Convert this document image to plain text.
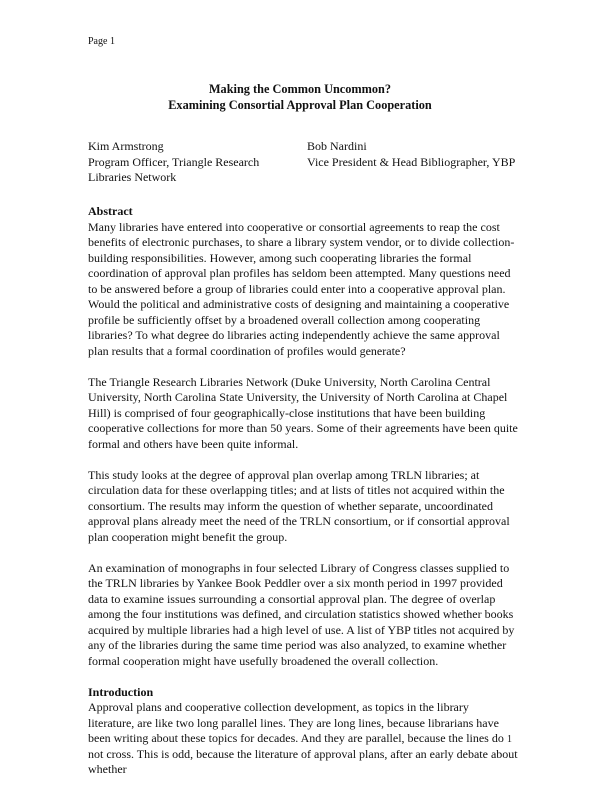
Page 1
Making the Common Uncommon?
Examining Consortial Approval Plan Cooperation
Kim Armstrong
Program Officer, Triangle Research
Libraries Network
Bob Nardini
Vice President & Head Bibliographer, YBP
Abstract

Many libraries have entered into cooperative or consortial agreements to reap the cost benefits of electronic purchases, to share a library system vendor, or to divide collection-building responsibilities. However, among such cooperating libraries the formal coordination of approval plan profiles has seldom been attempted. Many questions need to be answered before a group of libraries could enter into a cooperative approval plan. Would the political and administrative costs of designing and maintaining a cooperative profile be sufficiently offset by a broadened overall collection among cooperating libraries? To what degree do libraries acting independently achieve the same approval plan results that a formal coordination of profiles would generate?

The Triangle Research Libraries Network (Duke University, North Carolina Central University, North Carolina State University, the University of North Carolina at Chapel Hill) is comprised of four geographically-close institutions that have been building cooperative collections for more than 50 years. Some of their agreements have been quite formal and others have been quite informal.

This study looks at the degree of approval plan overlap among TRLN libraries; at circulation data for these overlapping titles; and at lists of titles not acquired within the consortium. The results may inform the question of whether separate, uncoordinated approval plans already meet the need of the TRLN consortium, or if consortial approval plan cooperation might benefit the group.

An examination of monographs in four selected Library of Congress classes supplied to the TRLN libraries by Yankee Book Peddler over a six month period in 1997 provided data to examine issues surrounding a consortial approval plan. The degree of overlap among the four institutions was defined, and circulation statistics showed whether books acquired by multiple libraries had a high level of use. A list of YBP titles not acquired by any of the libraries during the same time period was also analyzed, to examine whether formal cooperation might have usefully broadened the overall collection.

Introduction

Approval plans and cooperative collection development, as topics in the library literature, are like two long parallel lines. They are long lines, because librarians have been writing about these topics for decades. And they are parallel, because the lines do not cross. This is odd, because the literature of approval plans, after an early debate about whether

1
